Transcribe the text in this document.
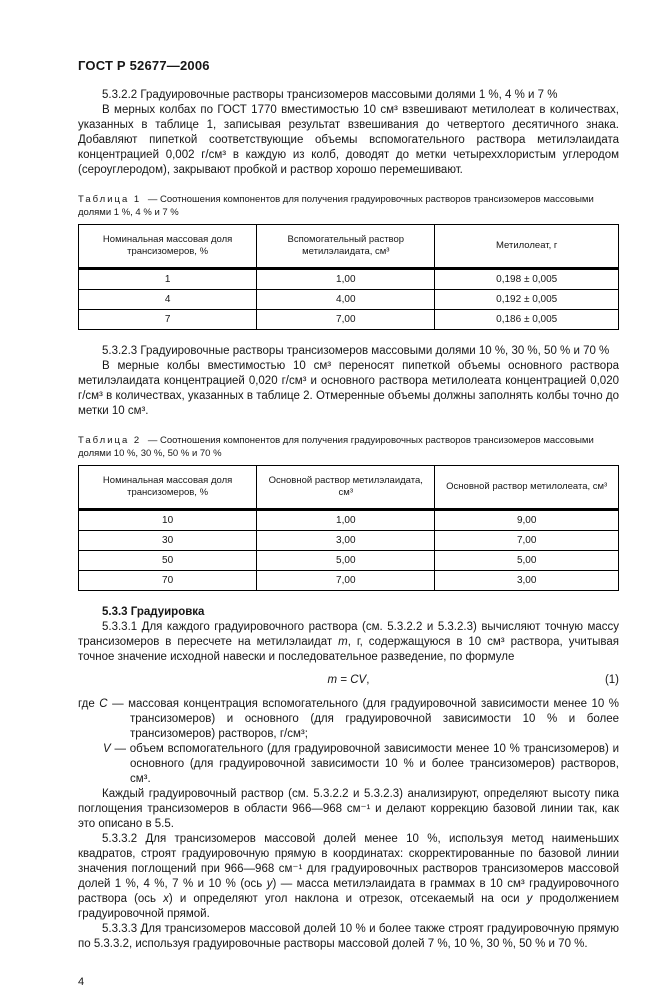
ГОСТ Р 52677—2006

5.3.2.2 Градуировочные растворы трансизомеров массовыми долями 1 %, 4 % и 7 %

В мерных колбах по ГОСТ 1770 вместимостью 10 см³ взвешивают метилолеат в количествах, указанных в таблице 1, записывая результат взвешивания до четвертого десятичного знака. Добавляют пипеткой соответствующие объемы вспомогательного раствора метилэлаидата концентрацией 0,002 г/см³ в каждую из колб, доводят до метки четыреххлористым углеродом (сероуглеродом), закрывают пробкой и раствор хорошо перемешивают.

Таблица 1 — Соотношения компонентов для получения градуировочных растворов трансизомеров массовыми долями 1 %, 4 % и 7 %
Номинальная массовая доля трансизомеров, %	Вспомогательный раствор метилэлаидата, см³	Метилолеат, г
1	1,00	0,198 ± 0,005
4	4,00	0,192 ± 0,005
7	7,00	0,186 ± 0,005

5.3.2.3 Градуировочные растворы трансизомеров массовыми долями 10 %, 30 %, 50 % и 70 %

В мерные колбы вместимостью 10 см³ переносят пипеткой объемы основного раствора метилэлаидата концентрацией 0,020 г/см³ и основного раствора метилолеата концентрацией 0,020 г/см³ в количествах, указанных в таблице 2. Отмеренные объемы должны заполнять колбы точно до метки 10 см³.

Таблица 2 — Соотношения компонентов для получения градуировочных растворов трансизомеров массовыми долями 10 %, 30 %, 50 % и 70 %
Номинальная массовая доля трансизомеров, %	Основной раствор метилэлаидата, см³	Основной раствор метилолеата, см³
10	1,00	9,00
30	3,00	7,00
50	5,00	5,00
70	7,00	3,00

5.3.3 Градуировка

5.3.3.1 Для каждого градуировочного раствора (см. 5.3.2.2 и 5.3.2.3) вычисляют точную массу трансизомеров в пересчете на метилэлаидат m, г, содержащуюся в 10 см³ раствора, учитывая точное значение исходной навески и последовательное разведение, по формуле

m = CV,	(1)
где C — массовая концентрация вспомогательного (для градуировочной зависимости менее 10 % трансизомеров) и основного (для градуировочной зависимости 10 % и более трансизомеров) растворов, г/см³;
V — объем вспомогательного (для градуировочной зависимости менее 10 % трансизомеров) и основного (для градуировочной зависимости 10 % и более трансизомеров) растворов, см³.

Каждый градуировочный раствор (см. 5.3.2.2 и 5.3.2.3) анализируют, определяют высоту пика поглощения трансизомеров в области 966—968 см⁻¹ и делают коррекцию базовой линии так, как это описано в 5.5.

5.3.3.2 Для трансизомеров массовой долей менее 10 %, используя метод наименьших квадратов, строят градуировочную прямую в координатах: скорректированные по базовой линии значения поглощений при 966—968 см⁻¹ для градуировочных растворов трансизомеров массовой долей 1 %, 4 %, 7 % и 10 % (ось y) — масса метилэлаидата в граммах в 10 см³ градуировочного раствора (ось x) и определяют угол наклона и отрезок, отсекаемый на оси y продолжением градуировочной прямой.

5.3.3.3 Для трансизомеров массовой долей 10 % и более также строят градуировочную прямую по 5.3.3.2, используя градуировочные растворы массовой долей 7 %, 10 %, 30 %, 50 % и 70 %.

4
